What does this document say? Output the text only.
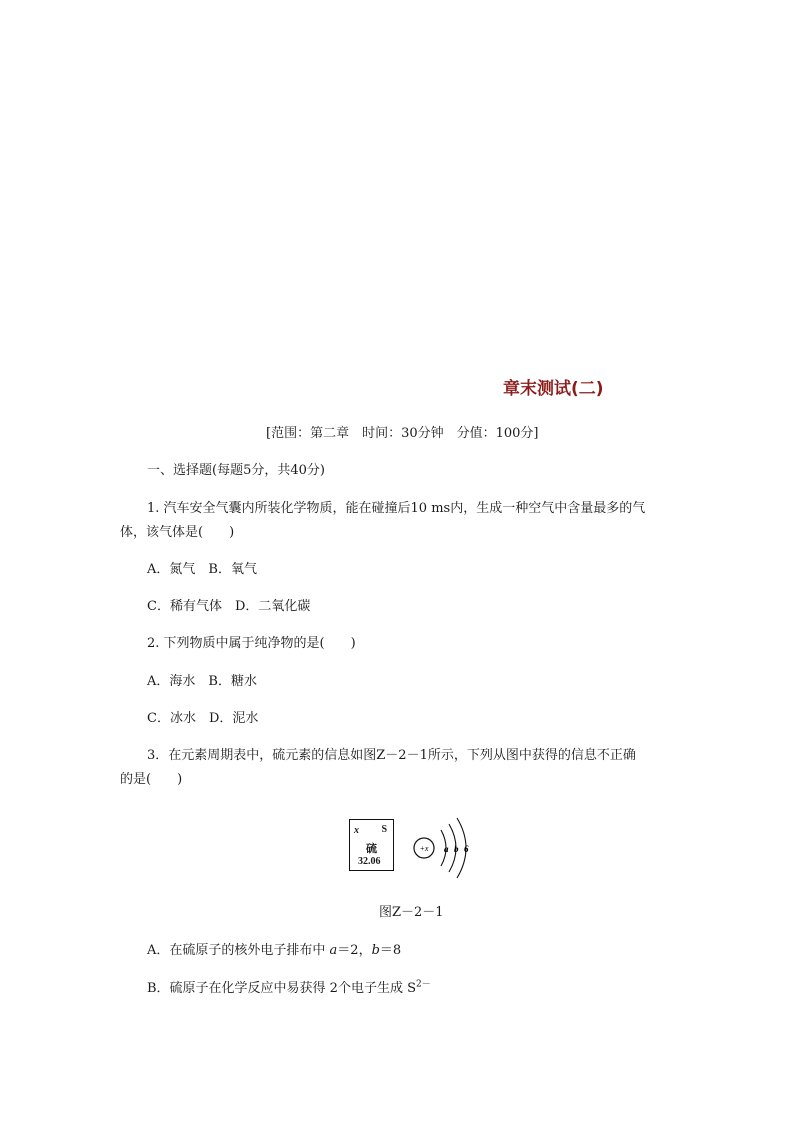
章末测试(二)
[范围：第二章　时间：30分钟　分值：100分]
一、选择题(每题5分，共40分)
1. 汽车安全气囊内所装化学物质，能在碰撞后10 ms内，生成一种空气中含量最多的气
体，该气体是(　　)
A．氮气　B．氧气
C．稀有气体　D．二氧化碳
2. 下列物质中属于纯净物的是(　　)
A．海水　B．糖水
C．冰水　D．泥水
3．在元素周期表中，硫元素的信息如图Z－2－1所示，下列从图中获得的信息不正确
的是(　　)
x S
硫
32.06
+x a b 6
图Z－2－1
A．在硫原子的核外电子排布中 a＝2，b＝8
B．硫原子在化学反应中易获得 2个电子生成 $S^{2-}$
